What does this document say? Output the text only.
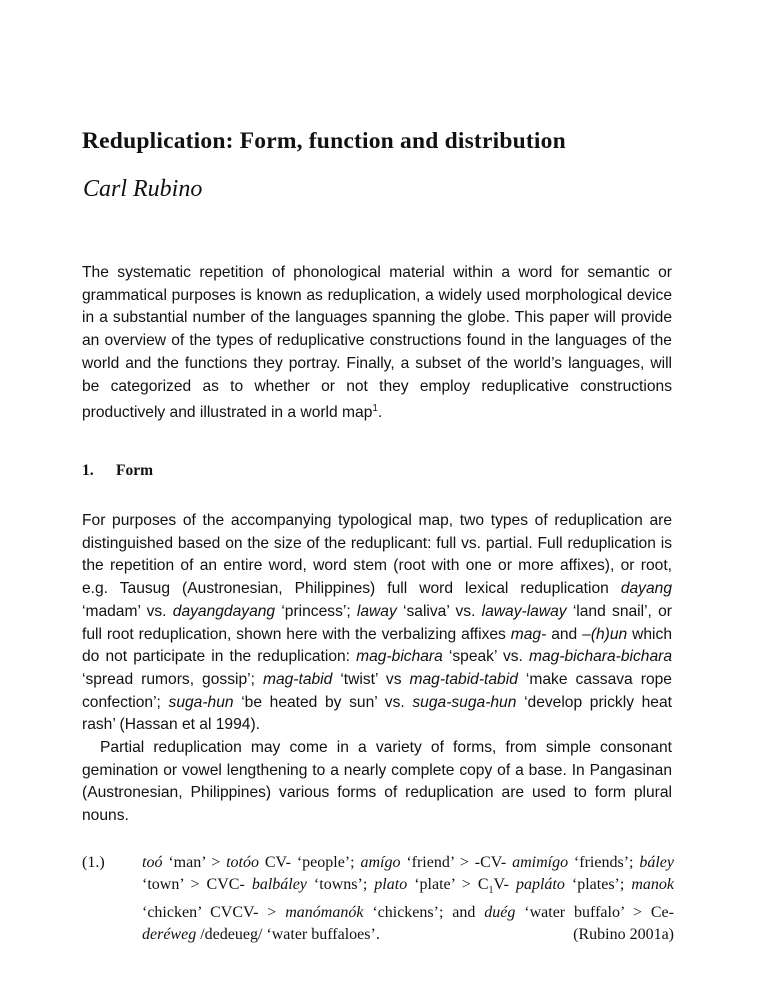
Reduplication: Form, function and distribution

Carl Rubino

The systematic repetition of phonological material within a word for semantic or grammatical purposes is known as reduplication, a widely used morphological device in a substantial number of the languages spanning the globe. This paper will provide an overview of the types of reduplicative constructions found in the languages of the world and the functions they portray. Finally, a subset of the world’s languages, will be categorized as to whether or not they employ reduplicative constructions productively and illustrated in a world map$^1$.

1. Form

For purposes of the accompanying typological map, two types of reduplication are distinguished based on the size of the reduplicant: full vs. partial. Full reduplication is the repetition of an entire word, word stem (root with one or more affixes), or root, e.g. Tausug (Austronesian, Philippines) full word lexical reduplication dayang ‘madam’ vs. dayangdayang ‘princess’; laway ‘saliva’ vs. laway-laway ‘land snail’, or full root reduplication, shown here with the verbalizing affixes mag- and –(h)un which do not participate in the reduplication: mag-bichara ‘speak’ vs. mag-bichara-bichara ‘spread rumors, gossip’; mag-tabid ‘twist’ vs mag-tabid-tabid ‘make cassava rope confection’; suga-hun ‘be heated by sun’ vs. suga-suga-hun ‘develop prickly heat rash’ (Hassan et al 1994).

Partial reduplication may come in a variety of forms, from simple consonant gemination or vowel lengthening to a nearly complete copy of a base. In Pangasinan (Austronesian, Philippines) various forms of reduplication are used to form plural nouns.

(1.) toó ‘man’ > totóo CV- ‘people’; amígo ‘friend’ > -CV- amimígo ‘friends’; báley ‘town’ > CVC- balbáley ‘towns’; plato ‘plate’ > $C_1V-$ papláto ‘plates’; manok ‘chicken’ CVCV- > manómanók ‘chickens’; and duég ‘water buffalo’ > Ce- deréweg /dedeueg/ ‘water buffaloes’.	(Rubino 2001a)
